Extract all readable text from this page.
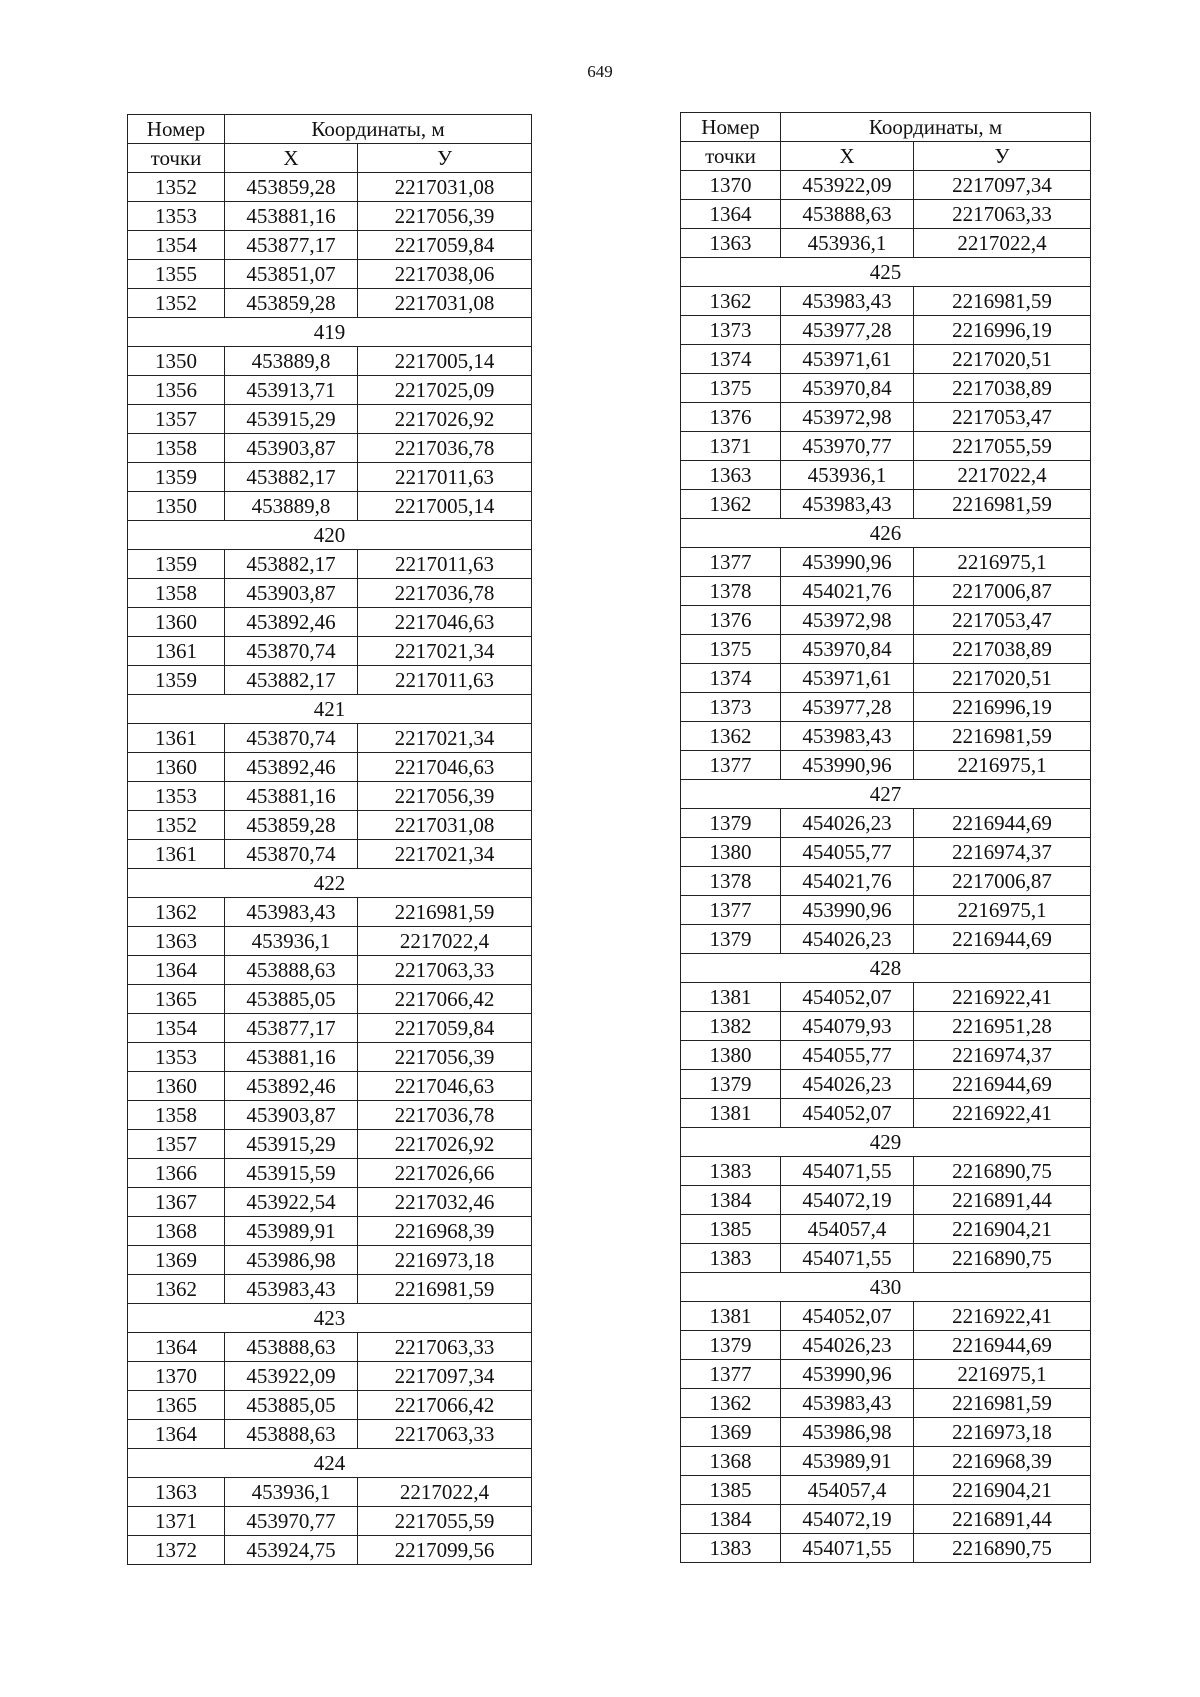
649
Номер	Координаты, м	
точки	Х	У
1352	453859,28	2217031,08
1353	453881,16	2217056,39
1354	453877,17	2217059,84
1355	453851,07	2217038,06
1352	453859,28	2217031,08
419		
1350	453889,8	2217005,14
1356	453913,71	2217025,09
1357	453915,29	2217026,92
1358	453903,87	2217036,78
1359	453882,17	2217011,63
1350	453889,8	2217005,14
420		
1359	453882,17	2217011,63
1358	453903,87	2217036,78
1360	453892,46	2217046,63
1361	453870,74	2217021,34
1359	453882,17	2217011,63
421		
1361	453870,74	2217021,34
1360	453892,46	2217046,63
1353	453881,16	2217056,39
1352	453859,28	2217031,08
1361	453870,74	2217021,34
422		
1362	453983,43	2216981,59
1363	453936,1	2217022,4
1364	453888,63	2217063,33
1365	453885,05	2217066,42
1354	453877,17	2217059,84
1353	453881,16	2217056,39
1360	453892,46	2217046,63
1358	453903,87	2217036,78
1357	453915,29	2217026,92
1366	453915,59	2217026,66
1367	453922,54	2217032,46
1368	453989,91	2216968,39
1369	453986,98	2216973,18
1362	453983,43	2216981,59
423		
1364	453888,63	2217063,33
1370	453922,09	2217097,34
1365	453885,05	2217066,42
1364	453888,63	2217063,33
424		
1363	453936,1	2217022,4
1371	453970,77	2217055,59
1372	453924,75	2217099,56
Номер	Координаты, м	
точки	Х	У
1370	453922,09	2217097,34
1364	453888,63	2217063,33
1363	453936,1	2217022,4
425		
1362	453983,43	2216981,59
1373	453977,28	2216996,19
1374	453971,61	2217020,51
1375	453970,84	2217038,89
1376	453972,98	2217053,47
1371	453970,77	2217055,59
1363	453936,1	2217022,4
1362	453983,43	2216981,59
426		
1377	453990,96	2216975,1
1378	454021,76	2217006,87
1376	453972,98	2217053,47
1375	453970,84	2217038,89
1374	453971,61	2217020,51
1373	453977,28	2216996,19
1362	453983,43	2216981,59
1377	453990,96	2216975,1
427		
1379	454026,23	2216944,69
1380	454055,77	2216974,37
1378	454021,76	2217006,87
1377	453990,96	2216975,1
1379	454026,23	2216944,69
428		
1381	454052,07	2216922,41
1382	454079,93	2216951,28
1380	454055,77	2216974,37
1379	454026,23	2216944,69
1381	454052,07	2216922,41
429		
1383	454071,55	2216890,75
1384	454072,19	2216891,44
1385	454057,4	2216904,21
1383	454071,55	2216890,75
430		
1381	454052,07	2216922,41
1379	454026,23	2216944,69
1377	453990,96	2216975,1
1362	453983,43	2216981,59
1369	453986,98	2216973,18
1368	453989,91	2216968,39
1385	454057,4	2216904,21
1384	454072,19	2216891,44
1383	454071,55	2216890,75
